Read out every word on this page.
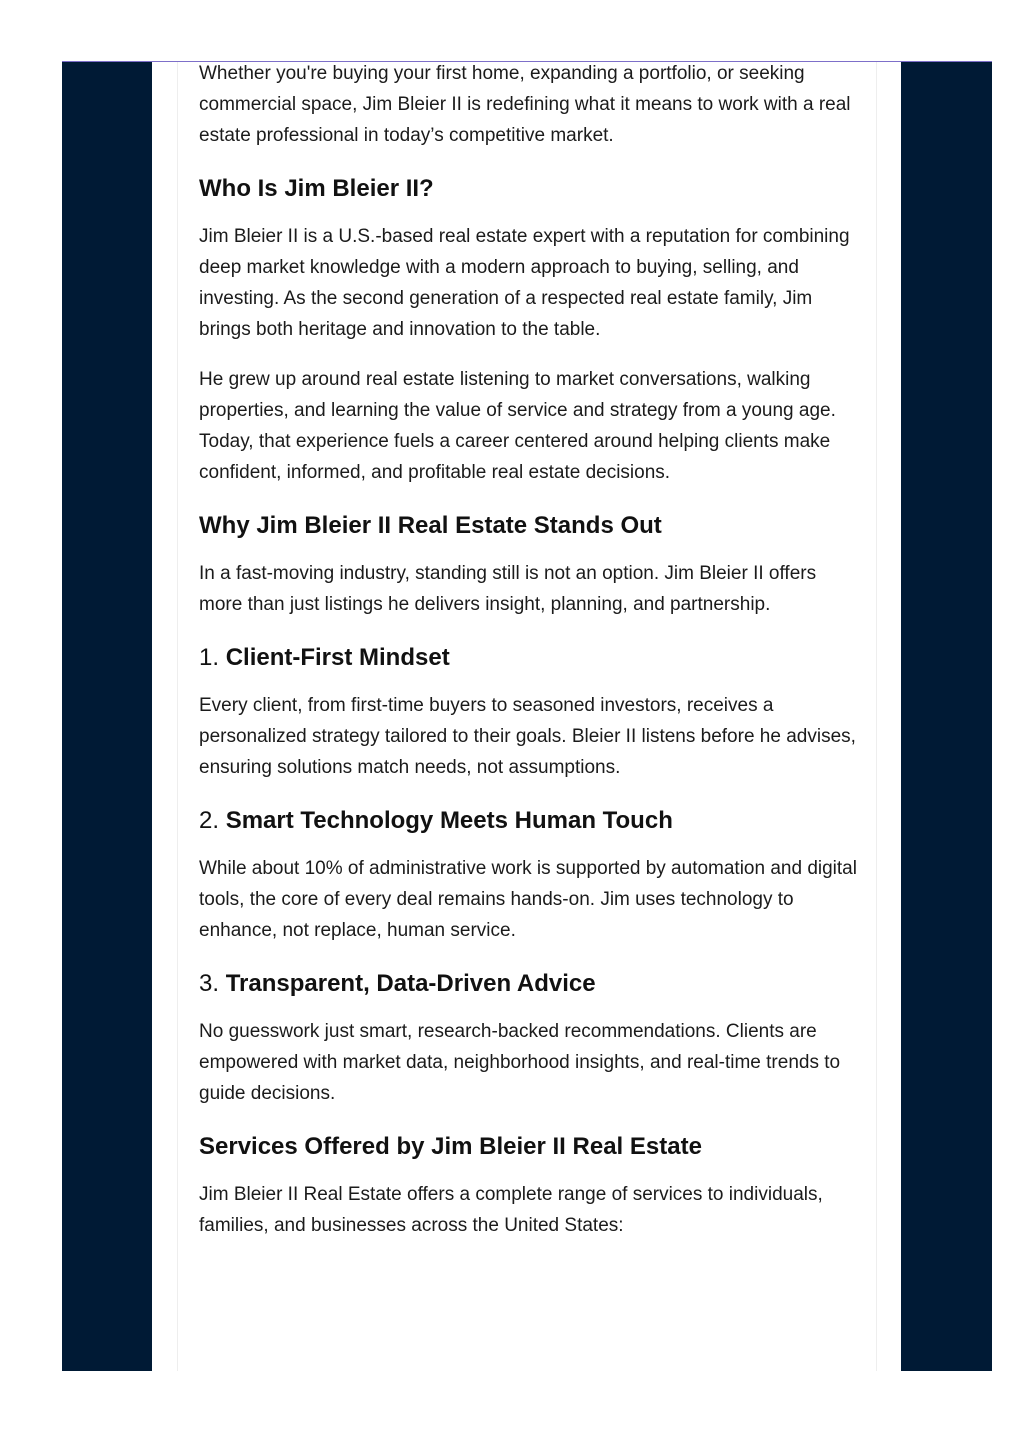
Whether you're buying your first home, expanding a portfolio, or seeking commercial space, Jim Bleier II is redefining what it means to work with a real estate professional in today’s competitive market.

Who Is Jim Bleier II?

Jim Bleier II is a U.S.-based real estate expert with a reputation for combining deep market knowledge with a modern approach to buying, selling, and investing. As the second generation of a respected real estate family, Jim brings both heritage and innovation to the table.

He grew up around real estate listening to market conversations, walking properties, and learning the value of service and strategy from a young age. Today, that experience fuels a career centered around helping clients make confident, informed, and profitable real estate decisions.

Why Jim Bleier II Real Estate Stands Out

In a fast-moving industry, standing still is not an option. Jim Bleier II offers more than just listings he delivers insight, planning, and partnership.

1. Client-First Mindset

Every client, from first-time buyers to seasoned investors, receives a personalized strategy tailored to their goals. Bleier II listens before he advises, ensuring solutions match needs, not assumptions.

2. Smart Technology Meets Human Touch

While about 10% of administrative work is supported by automation and digital tools, the core of every deal remains hands-on. Jim uses technology to enhance, not replace, human service.

3. Transparent, Data-Driven Advice

No guesswork just smart, research-backed recommendations. Clients are empowered with market data, neighborhood insights, and real-time trends to guide decisions.

Services Offered by Jim Bleier II Real Estate

Jim Bleier II Real Estate offers a complete range of services to individuals, families, and businesses across the United States:
